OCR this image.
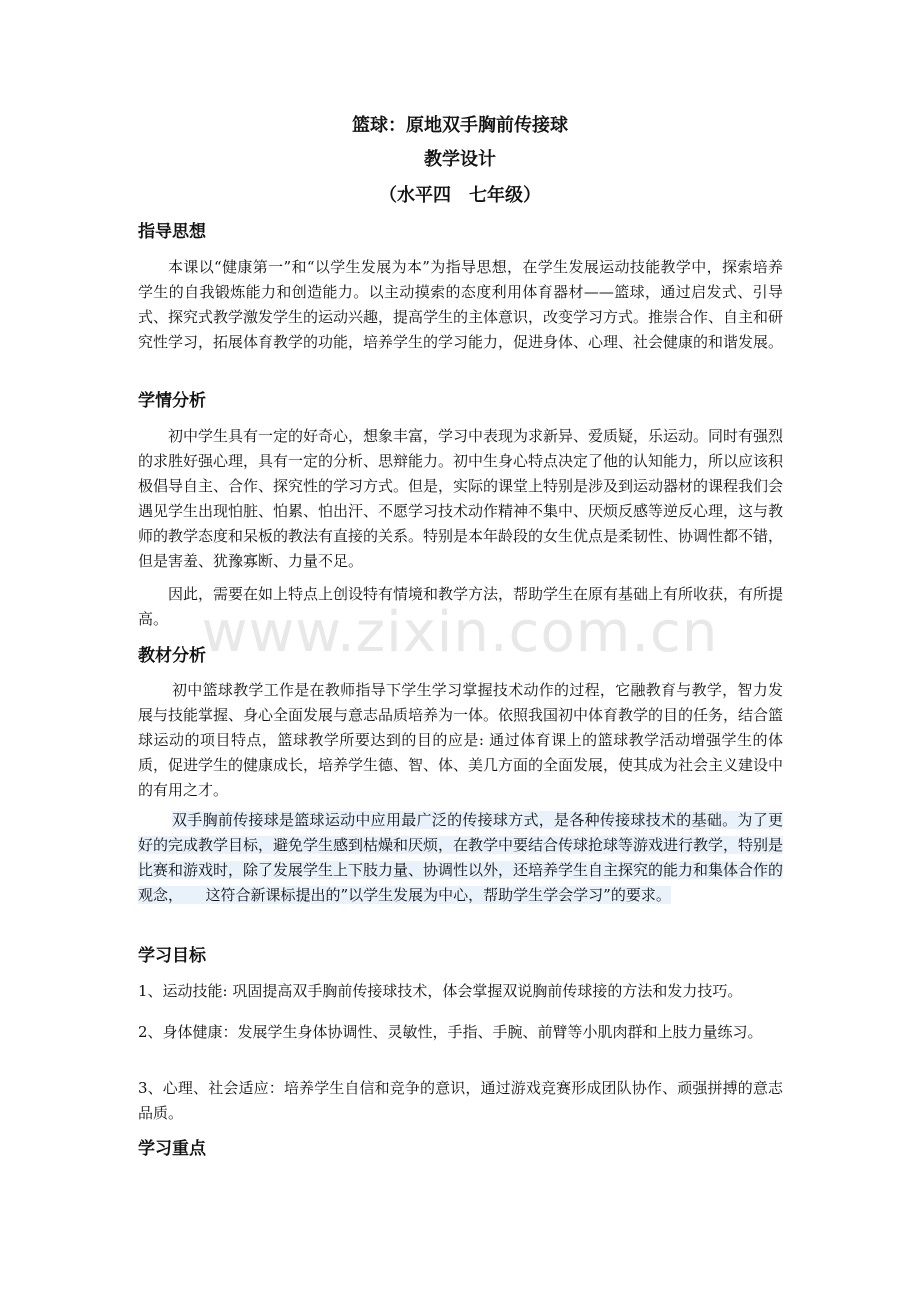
www.zixin.com.cn
篮球：原地双手胸前传接球
教学设计
（水平四　七年级）
指导思想

本课以“健康第一”和“以学生发展为本”为指导思想，在学生发展运动技能教学中，探索培养学生的自我锻炼能力和创造能力。以主动摸索的态度利用体育器材——篮球，通过启发式、引导式、探究式教学激发学生的运动兴趣，提高学生的主体意识，改变学习方式。推崇合作、自主和研究性学习，拓展体育教学的功能，培养学生的学习能力，促进身体、心理、社会健康的和谐发展。

学情分析

初中学生具有一定的好奇心，想象丰富，学习中表现为求新异、爱质疑，乐运动。同时有强烈的求胜好强心理，具有一定的分析、思辩能力。初中生身心特点决定了他的认知能力，所以应该积极倡导自主、合作、探究性的学习方式。但是，实际的课堂上特别是涉及到运动器材的课程我们会遇见学生出现怕脏、怕累、怕出汗、不愿学习技术动作精神不集中、厌烦反感等逆反心理，这与教师的教学态度和呆板的教法有直接的关系。特别是本年龄段的女生优点是柔韧性、协调性都不错，但是害羞、犹豫寡断、力量不足。

因此，需要在如上特点上创设特有情境和教学方法，帮助学生在原有基础上有所收获，有所提高。

教材分析

初中篮球教学工作是在教师指导下学生学习掌握技术动作的过程，它融教育与教学，智力发展与技能掌握、身心全面发展与意志品质培养为一体。依照我国初中体育教学的目的任务，结合篮球运动的项目特点，篮球教学所要达到的目的应是: 通过体育课上的篮球教学活动增强学生的体质，促进学生的健康成长，培养学生德、智、体、美几方面的全面发展，使其成为社会主义建设中的有用之才。

双手胸前传接球是篮球运动中应用最广泛的传接球方式，是各种传接球技术的基础。为了更好的完成教学目标，避免学生感到枯燥和厌烦，在教学中要结合传球抢球等游戏进行教学，特别是比赛和游戏时，除了发展学生上下肢力量、协调性以外，还培养学生自主探究的能力和集体合作的观念，　　这符合新课标提出的”以学生发展为中心，帮助学生学会学习”的要求。

学习目标

1、运动技能: 巩固提高双手胸前传接球技术，体会掌握双说胸前传球接的方法和发力技巧。

2、身体健康：发展学生身体协调性、灵敏性，手指、手腕、前臂等小肌肉群和上肢力量练习。

3、心理、社会适应：培养学生自信和竞争的意识，通过游戏竞赛形成团队协作、顽强拼搏的意志品质。

学习重点
